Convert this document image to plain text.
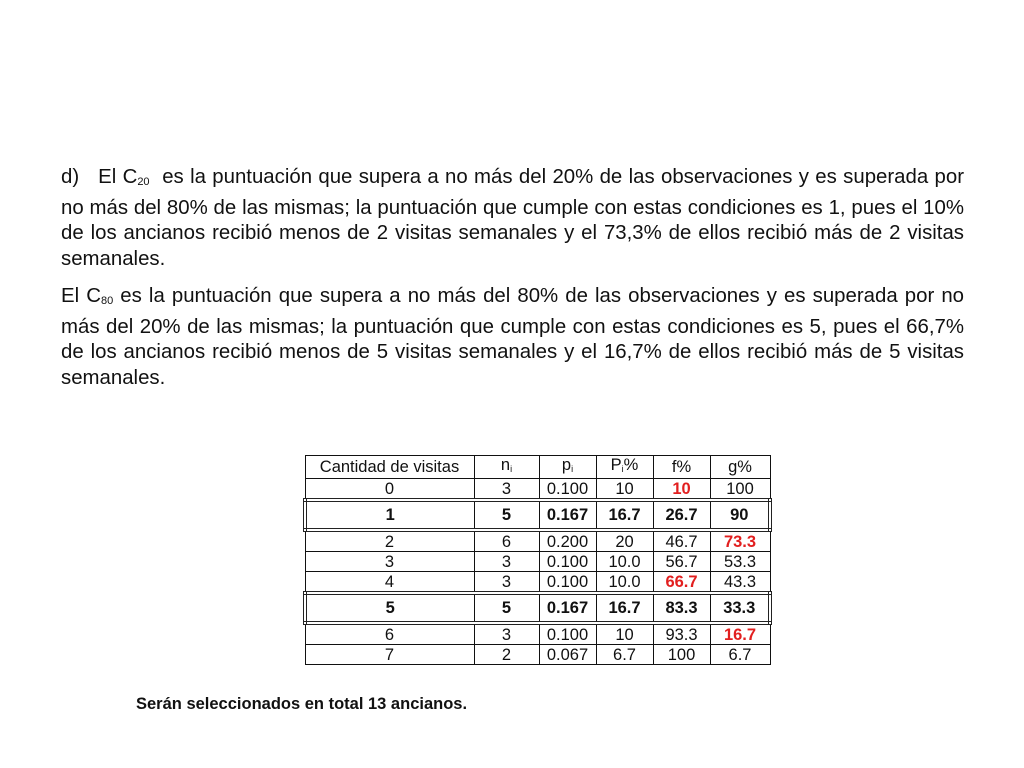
d) El C20 es la puntuación que supera a no más del 20% de las observaciones y es superada por no más del 80% de las mismas; la puntuación que cumple con estas condiciones es 1, pues el 10% de los ancianos recibió menos de 2 visitas semanales y el 73,3% de ellos recibió más de 2 visitas semanales.

El C80 es la puntuación que supera a no más del 80% de las observaciones y es superada por no más del 20% de las mismas; la puntuación que cumple con estas condiciones es 5, pues el 66,7% de los ancianos recibió menos de 5 visitas semanales y el 16,7% de ellos recibió más de 5 visitas semanales.

Cantidad de visitas	ni	pi	Pi%	f%	g%
0	3	0.100	10	10	100
1	5	0.167	16.7	26.7	90
2	6	0.200	20	46.7	73.3
3	3	0.100	10.0	56.7	53.3
4	3	0.100	10.0	66.7	43.3
5	5	0.167	16.7	83.3	33.3
6	3	0.100	10	93.3	16.7
7	2	0.067	6.7	100	6.7

Serán seleccionados en total 13 ancianos.
